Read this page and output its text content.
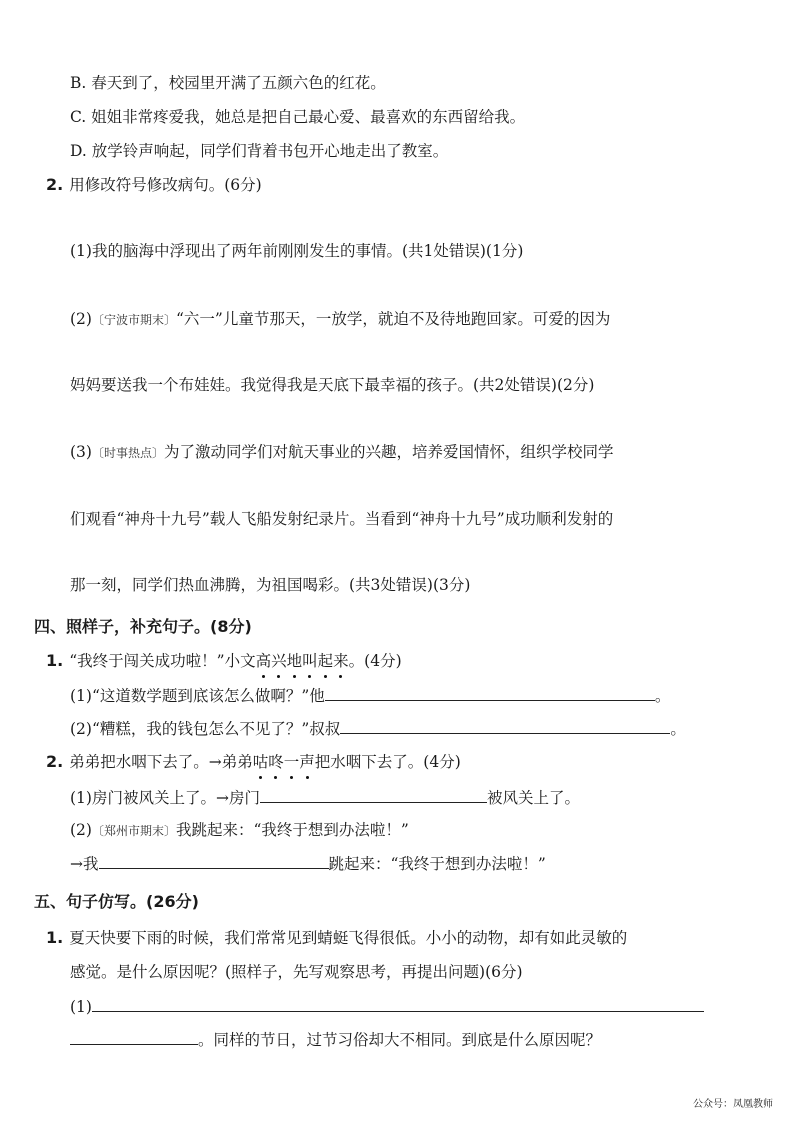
B. 春天到了，校园里开满了五颜六色的红花。
C. 姐姐非常疼爱我，她总是把自己最心爱、最喜欢的东西留给我。
D. 放学铃声响起，同学们背着书包开心地走出了教室。
2. 用修改符号修改病句。(6分)
(1)我的脑海中浮现出了两年前刚刚发生的事情。(共1处错误)(1分)
(2)〔宁波市期末〕“六一”儿童节那天，一放学，就迫不及待地跑回家。可爱的因为
妈妈要送我一个布娃娃。我觉得我是天底下最幸福的孩子。(共2处错误)(2分)
(3)〔时事热点〕为了激动同学们对航天事业的兴趣，培养爱国情怀，组织学校同学
们观看“神舟十九号”载人飞船发射纪录片。当看到“神舟十九号”成功顺利发射的
那一刻，同学们热血沸腾，为祖国喝彩。(共3处错误)(3分)
四、照样子，补充句子。(8分)
1. “我终于闯关成功啦！”小文高兴地叫起来。(4分)
(1)“这道数学题到底该怎么做啊？”他	。
(2)“糟糕，我的钱包怎么不见了？”叔叔	。
2. 弟弟把水咽下去了。→弟弟咕咚一声把水咽下去了。(4分)
(1)房门被风关上了。→房门	被风关上了。
(2)〔郑州市期末〕我跳起来：“我终于想到办法啦！”
→我	跳起来：“我终于想到办法啦！”
五、句子仿写。(26分)
1. 夏天快要下雨的时候，我们常常见到蜻蜓飞得很低。小小的动物，却有如此灵敏的
感觉。是什么原因呢？(照样子，先写观察思考，再提出问题)(6分)
(1)
。同样的节日，过节习俗却大不相同。到底是什么原因呢？
公众号：凤凰教师
